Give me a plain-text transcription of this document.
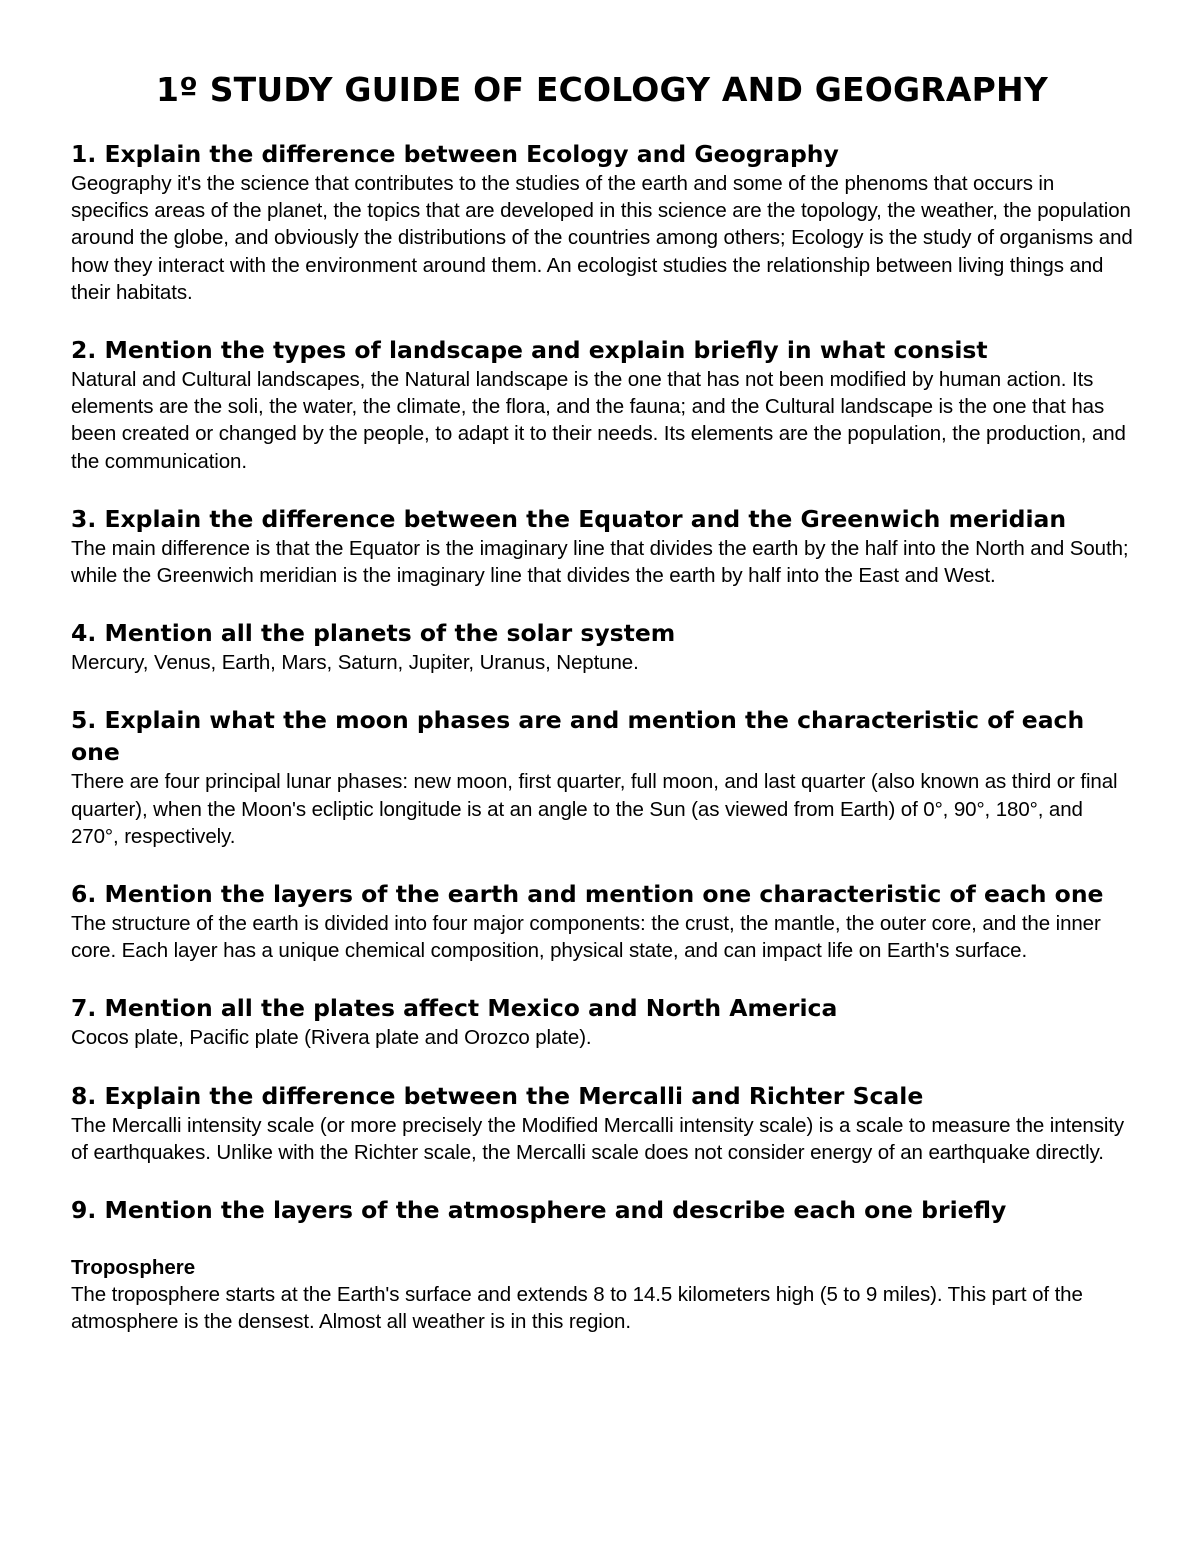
1º STUDY GUIDE OF ECOLOGY AND GEOGRAPHY
1. Explain the difference between Ecology and Geography
Geography it's the science that contributes to the studies of the earth and some of the phenoms that occurs in specifics areas of the planet, the topics that are developed in this science are the topology, the weather, the population around the globe, and obviously the distributions of the countries among others; Ecology is the study of organisms and how they interact with the environment around them. An ecologist studies the relationship between living things and their habitats.
2. Mention the types of landscape and explain briefly in what consist
Natural and Cultural landscapes, the Natural landscape is the one that has not been modified by human action. Its elements are the soli, the water, the climate, the flora, and the fauna; and the Cultural landscape is the one that has been created or changed by the people, to adapt it to their needs. Its elements are the population, the production, and the communication.
3. Explain the difference between the Equator and the Greenwich meridian
The main difference is that the Equator is the imaginary line that divides the earth by the half into the North and South; while the Greenwich meridian is the imaginary line that divides the earth by half into the East and West.
4. Mention all the planets of the solar system
Mercury, Venus, Earth, Mars, Saturn, Jupiter, Uranus, Neptune.
5. Explain what the moon phases are and mention the characteristic of each one
There are four principal lunar phases: new moon, first quarter, full moon, and last quarter (also known as third or final quarter), when the Moon's ecliptic longitude is at an angle to the Sun (as viewed from Earth) of 0°, 90°, 180°, and 270°, respectively.
6. Mention the layers of the earth and mention one characteristic of each one
The structure of the earth is divided into four major components: the crust, the mantle, the outer core, and the inner core. Each layer has a unique chemical composition, physical state, and can impact life on Earth's surface.
7. Mention all the plates affect Mexico and North America
Cocos plate, Pacific plate (Rivera plate and Orozco plate).
8. Explain the difference between the Mercalli and Richter Scale
The Mercalli intensity scale (or more precisely the Modified Mercalli intensity scale) is a scale to measure the intensity of earthquakes. Unlike with the Richter scale, the Mercalli scale does not consider energy of an earthquake directly.
9. Mention the layers of the atmosphere and describe each one briefly
Troposphere
The troposphere starts at the Earth's surface and extends 8 to 14.5 kilometers high (5 to 9 miles). This part of the atmosphere is the densest. Almost all weather is in this region.
